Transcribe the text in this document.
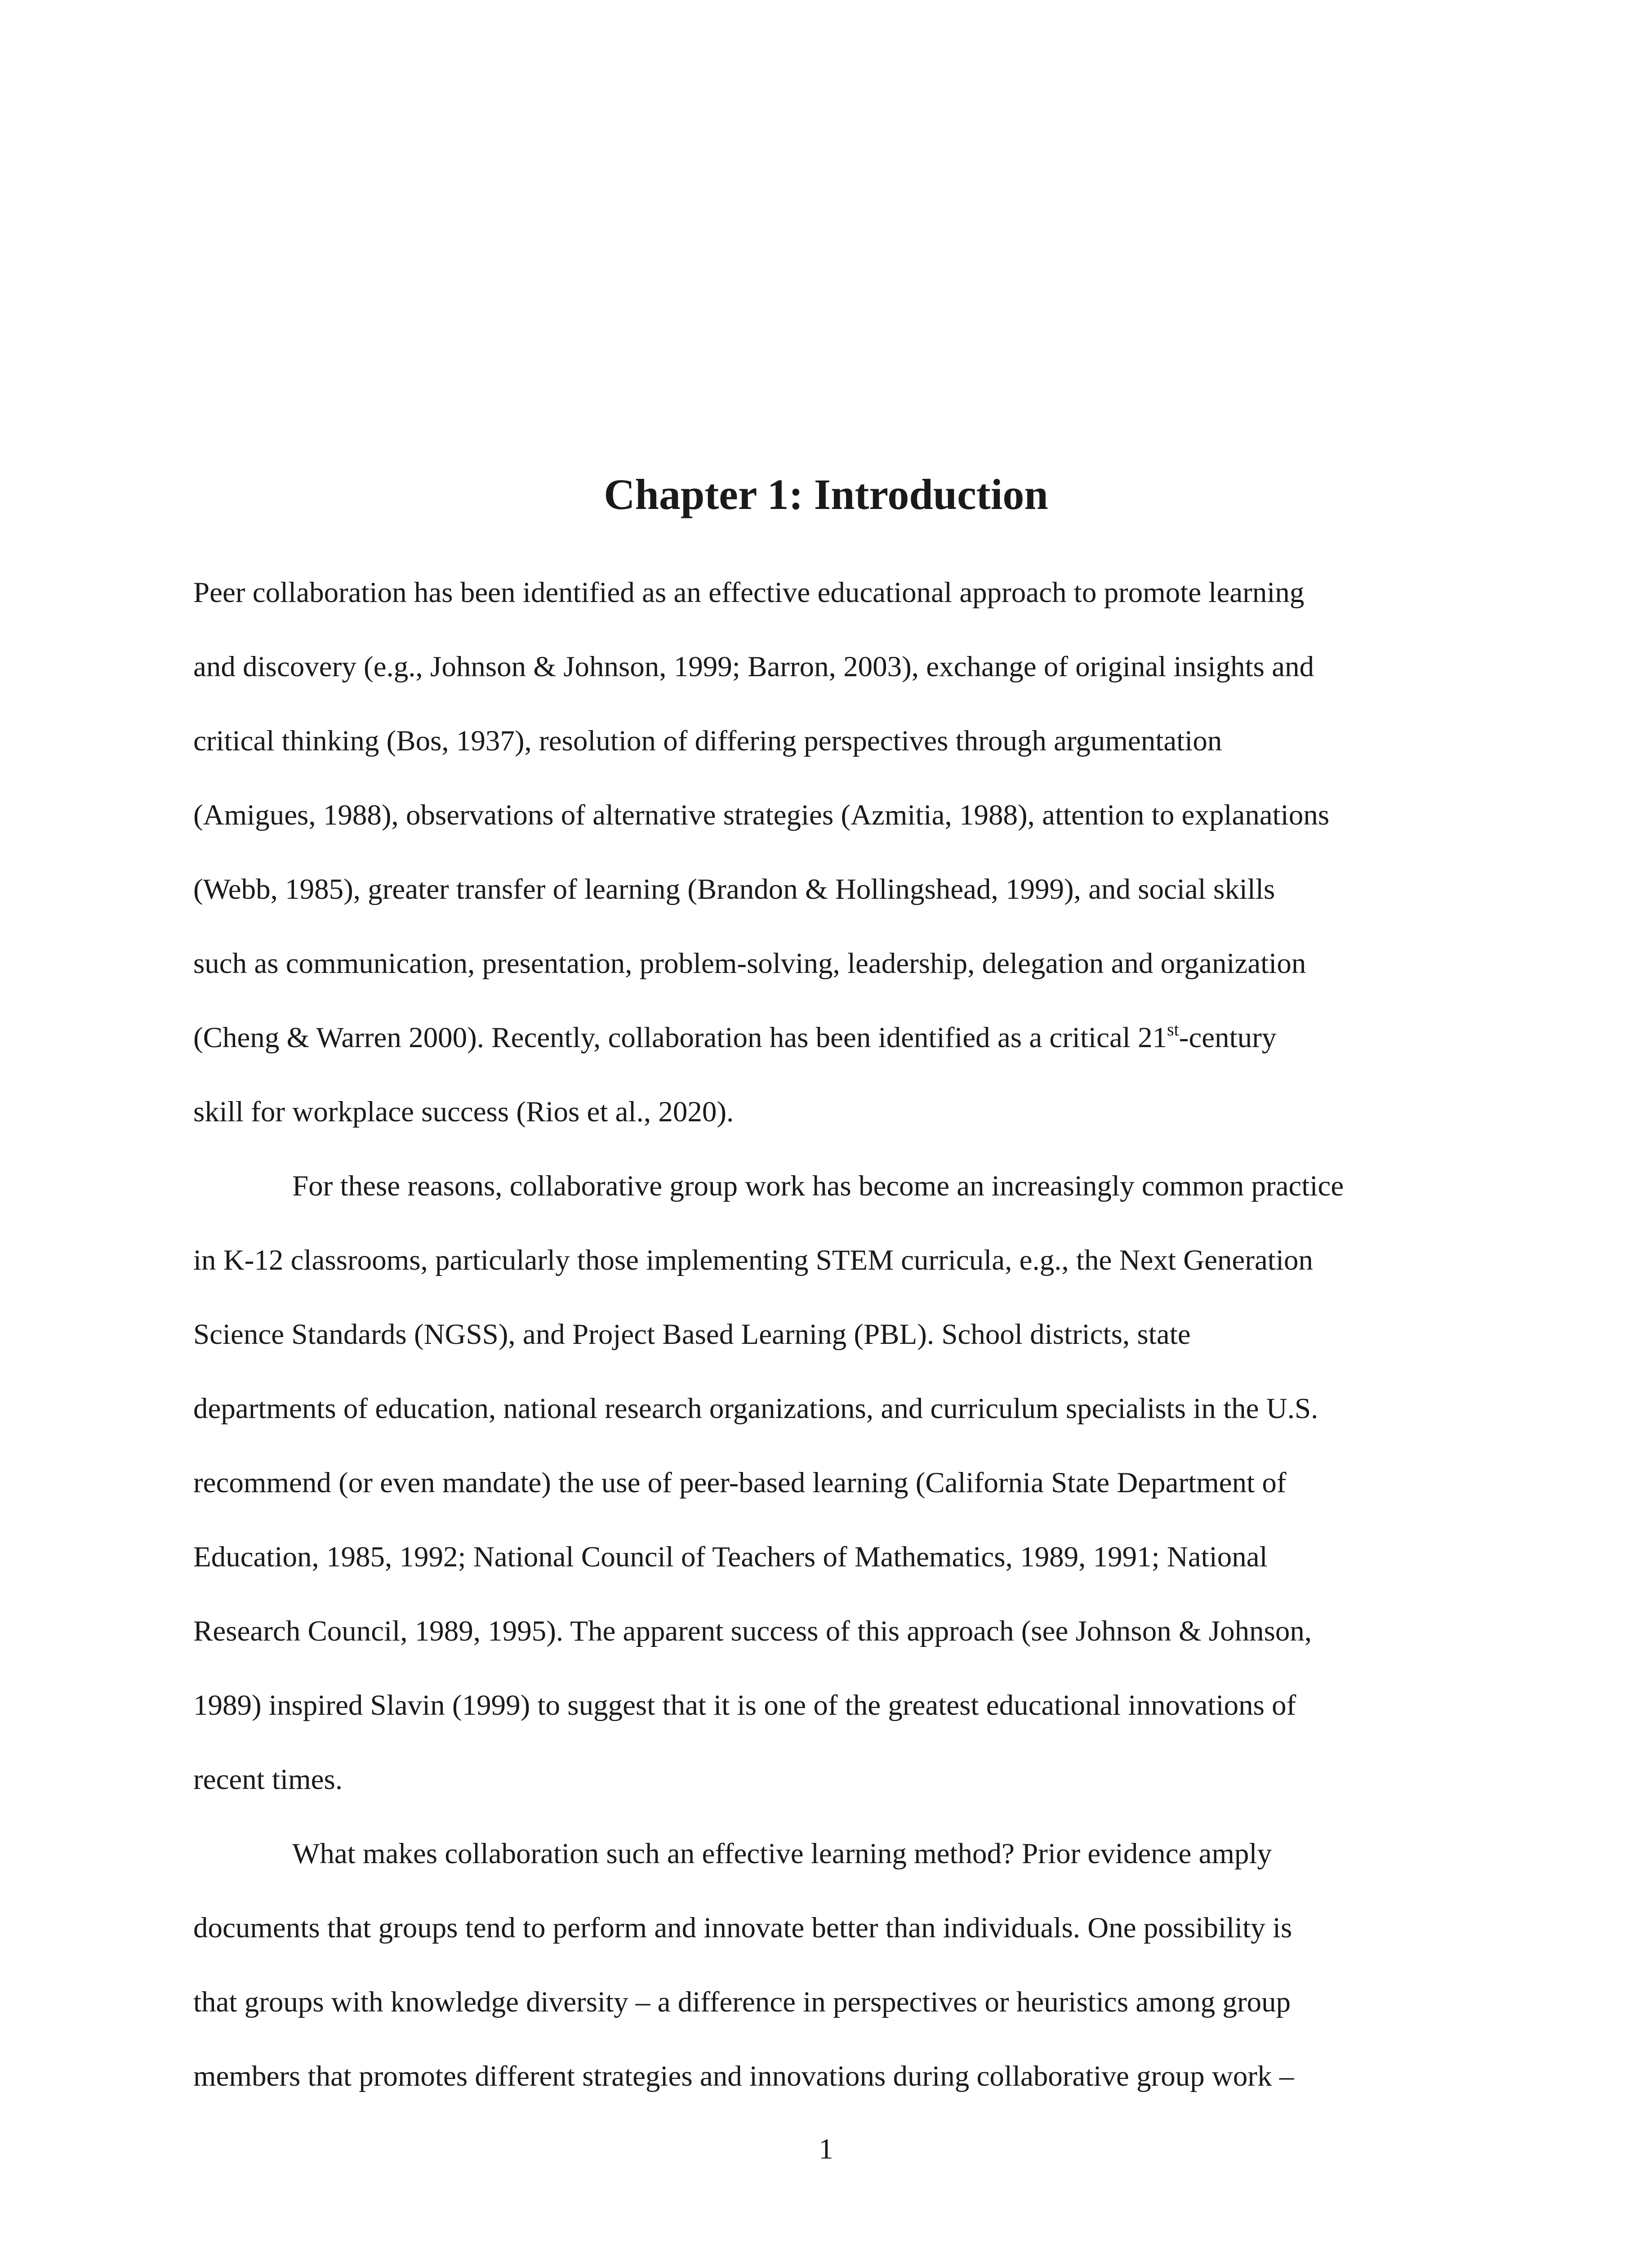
Chapter 1: Introduction
Peer collaboration has been identified as an effective educational approach to promote learning
and discovery (e.g., Johnson & Johnson, 1999; Barron, 2003), exchange of original insights and
critical thinking (Bos, 1937), resolution of differing perspectives through argumentation
(Amigues, 1988), observations of alternative strategies (Azmitia, 1988), attention to explanations
(Webb, 1985), greater transfer of learning (Brandon & Hollingshead, 1999), and social skills
such as communication, presentation, problem-solving, leadership, delegation and organization
(Cheng & Warren 2000). Recently, collaboration has been identified as a critical 21st-century
skill for workplace success (Rios et al., 2020).
For these reasons, collaborative group work has become an increasingly common practice
in K-12 classrooms, particularly those implementing STEM curricula, e.g., the Next Generation
Science Standards (NGSS), and Project Based Learning (PBL). School districts, state
departments of education, national research organizations, and curriculum specialists in the U.S.
recommend (or even mandate) the use of peer-based learning (California State Department of
Education, 1985, 1992; National Council of Teachers of Mathematics, 1989, 1991; National
Research Council, 1989, 1995). The apparent success of this approach (see Johnson & Johnson,
1989) inspired Slavin (1999) to suggest that it is one of the greatest educational innovations of
recent times.
What makes collaboration such an effective learning method? Prior evidence amply
documents that groups tend to perform and innovate better than individuals. One possibility is
that groups with knowledge diversity – a difference in perspectives or heuristics among group
members that promotes different strategies and innovations during collaborative group work –
1
